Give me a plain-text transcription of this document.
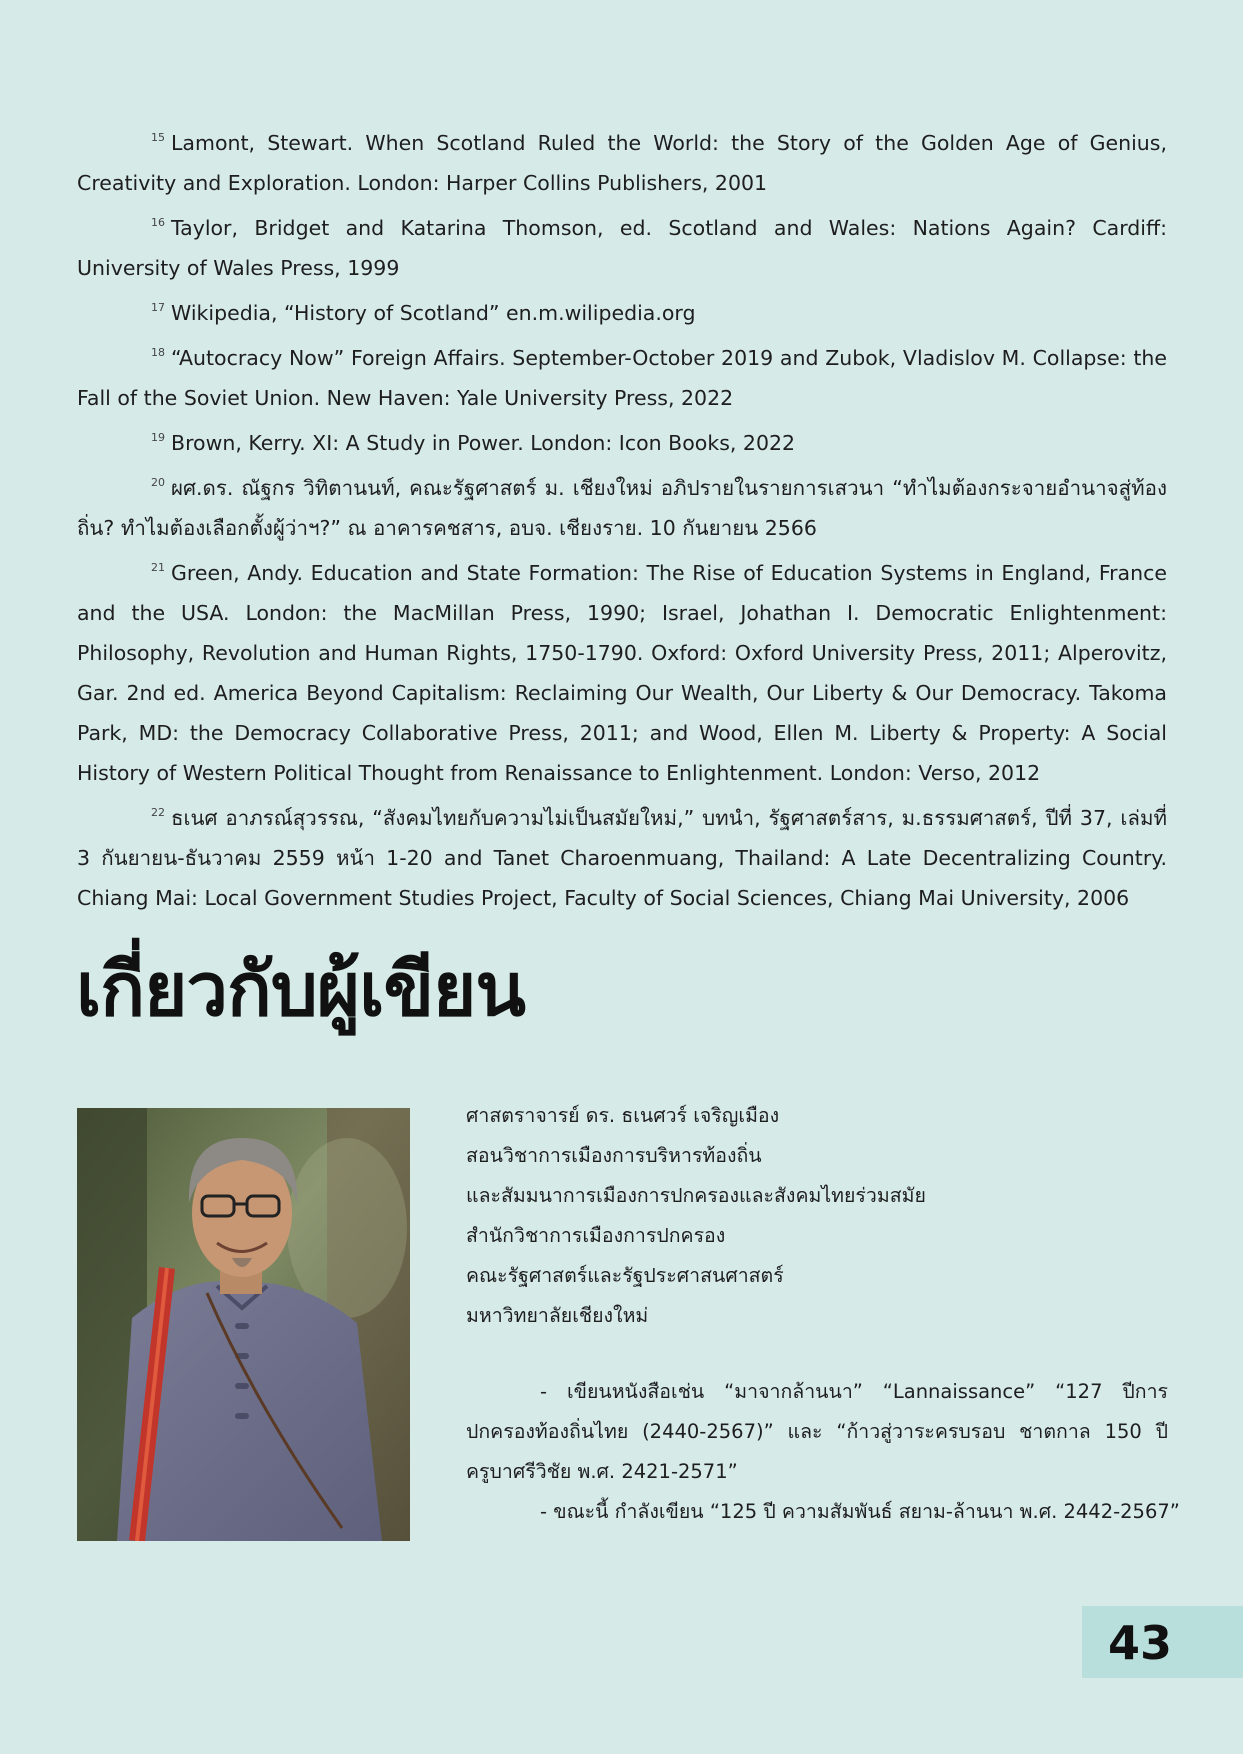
$^{15}$ Lamont, Stewart. When Scotland Ruled the World: the Story of the Golden Age of Genius, Creativity and Exploration. London: Harper Collins Publishers, 2001

$^{16}$ Taylor, Bridget and Katarina Thomson, ed. Scotland and Wales: Nations Again? Cardiff: University of Wales Press, 1999

$^{17}$ Wikipedia, “History of Scotland” en.m.wilipedia.org

$^{18}$ “Autocracy Now” Foreign Affairs. September-October 2019 and Zubok, Vladislov M. Collapse: the Fall of the Soviet Union. New Haven: Yale University Press, 2022

$^{19}$ Brown, Kerry. XI: A Study in Power. London: Icon Books, 2022

$^{20}$ ผศ.ดร. ณัฐกร วิทิตานนท์, คณะรัฐศาสตร์ ม. เชียงใหม่ อภิปรายในรายการเสวนา “ทำไมต้องกระจายอำนาจสู่ท้องถิ่น? ทำไมต้องเลือกตั้งผู้ว่าฯ?” ณ อาคารคชสาร, อบจ. เชียงราย. 10 กันยายน 2566

$^{21}$ Green, Andy. Education and State Formation: The Rise of Education Systems in England, France and the USA. London: the MacMillan Press, 1990; Israel, Johathan I. Democratic Enlightenment: Philosophy, Revolution and Human Rights, 1750-1790. Oxford: Oxford University Press, 2011; Alperovitz, Gar. 2nd ed. America Beyond Capitalism: Reclaiming Our Wealth, Our Liberty & Our Democracy. Takoma Park, MD: the Democracy Collaborative Press, 2011; and Wood, Ellen M. Liberty & Property: A Social History of Western Political Thought from Renaissance to Enlightenment. London: Verso, 2012

$^{22}$ ธเนศ อาภรณ์สุวรรณ, “สังคมไทยกับความไม่เป็นสมัยใหม่,” บทนำ, รัฐศาสตร์สาร, ม.ธรรมศาสตร์, ปีที่ 37, เล่มที่ 3 กันยายน-ธันวาคม 2559 หน้า 1-20 and Tanet Charoenmuang, Thailand: A Late Decentralizing Country. Chiang Mai: Local Government Studies Project, Faculty of Social Sciences, Chiang Mai University, 2006

เกี่ยวกับผู้เขียน

ศาสตราจารย์ ดร. ธเนศวร์ เจริญเมือง

สอนวิชาการเมืองการบริหารท้องถิ่น

และสัมมนาการเมืองการปกครองและสังคมไทยร่วมสมัย

สำนักวิชาการเมืองการปกครอง

คณะรัฐศาสตร์และรัฐประศาสนศาสตร์

มหาวิทยาลัยเชียงใหม่

- เขียนหนังสือเช่น “มาจากล้านนา” “Lannaissance” “127 ปีการปกครองท้องถิ่นไทย (2440-2567)” และ “ก้าวสู่วาระครบรอบ ชาตกาล 150 ปี ครูบาศรีวิชัย พ.ศ. 2421-2571”

- ขณะนี้ กำลังเขียน “125 ปี ความสัมพันธ์ สยาม-ล้านนา พ.ศ. 2442-2567”

43
